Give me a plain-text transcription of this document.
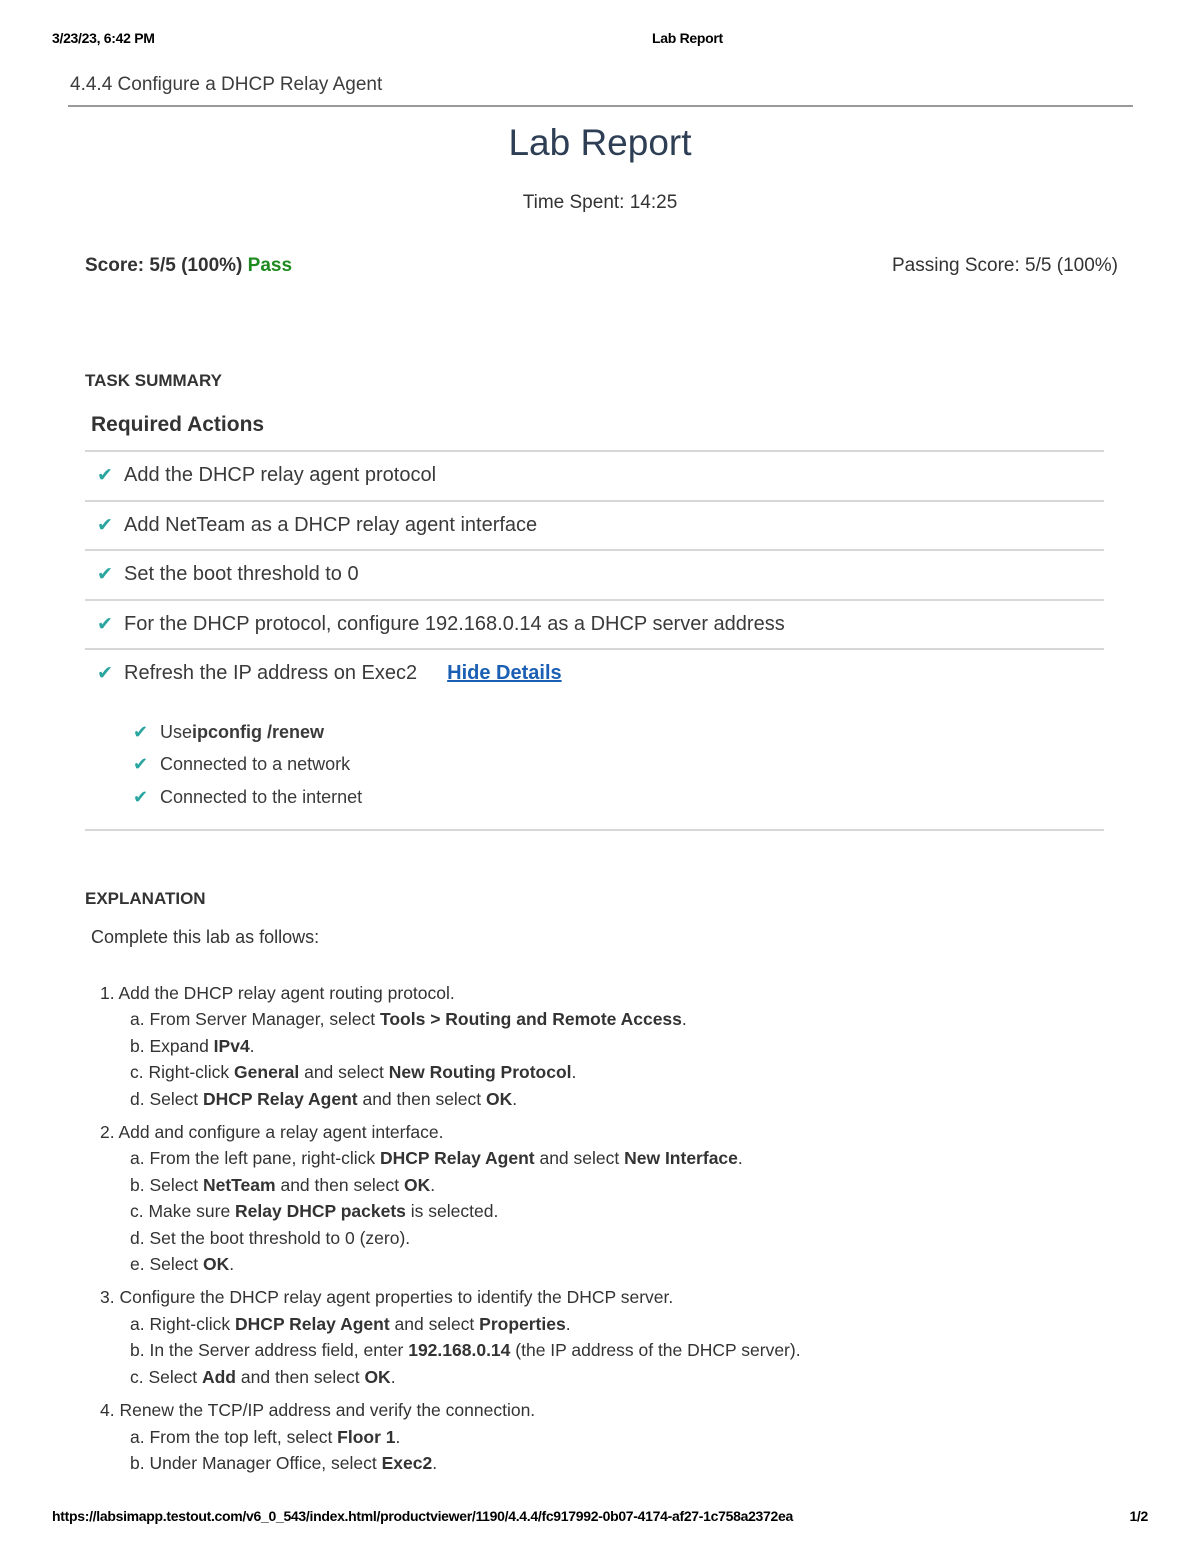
3/23/23, 6:42 PM	Lab Report
4.4.4 Configure a DHCP Relay Agent
Lab Report
Time Spent: 14:25
Score: 5/5 (100%) Pass	Passing Score: 5/5 (100%)
TASK SUMMARY
Required Actions
✔ Add the DHCP relay agent protocol
✔ Add NetTeam as a DHCP relay agent interface
✔ Set the boot threshold to 0
✔ For the DHCP protocol, configure 192.168.0.14 as a DHCP server address
✔ Refresh the IP address on Exec2 Hide Details
✔ Use ipconfig /renew
✔ Connected to a network
✔ Connected to the internet
EXPLANATION
Complete this lab as follows:
1. Add the DHCP relay agent routing protocol.
a. From Server Manager, select Tools > Routing and Remote Access.
b. Expand IPv4.
c. Right-click General and select New Routing Protocol.
d. Select DHCP Relay Agent and then select OK.
2. Add and configure a relay agent interface.
a. From the left pane, right-click DHCP Relay Agent and select New Interface.
b. Select NetTeam and then select OK.
c. Make sure Relay DHCP packets is selected.
d. Set the boot threshold to 0 (zero).
e. Select OK.
3. Configure the DHCP relay agent properties to identify the DHCP server.
a. Right-click DHCP Relay Agent and select Properties.
b. In the Server address field, enter 192.168.0.14 (the IP address of the DHCP server).
c. Select Add and then select OK.
4. Renew the TCP/IP address and verify the connection.
a. From the top left, select Floor 1.
b. Under Manager Office, select Exec2.
https://labsimapp.testout.com/v6_0_543/index.html/productviewer/1190/4.4.4/fc917992-0b07-4174-af27-1c758a2372ea	1/2
